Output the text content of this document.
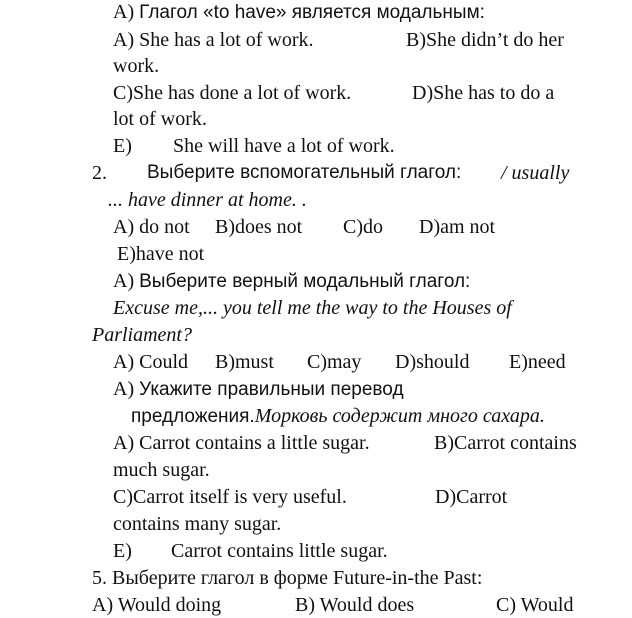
A) Глагол «to have» является модальным:
A) She has a lot of work.	B)She didn’t do her
work.
C)She has done a lot of work.	D)She has to do a
lot of work.
E) She will have a lot of work.
2. Выберите вспомогательный глагол: / usually
... have dinner at home. .
A) do not B)does not C)do D)am not
E)have not
A) Выберите верный модальный глагол:
Excuse me,... you tell me the way to the Houses of
Parliament?
A) Could B)must C)may D)should E)need
A) Укажите правильныи перевод
предложения.Морковь содержит много сахара.
A) Carrot contains a little sugar.	B)Carrot contains
much sugar.
C)Carrot itself is very useful.	D)Carrot
contains many sugar.
E) Carrot contains little sugar.
5. Выберите глагол в форме Future-in-the Past:
A) Would doing	B) Would does	C) Would
